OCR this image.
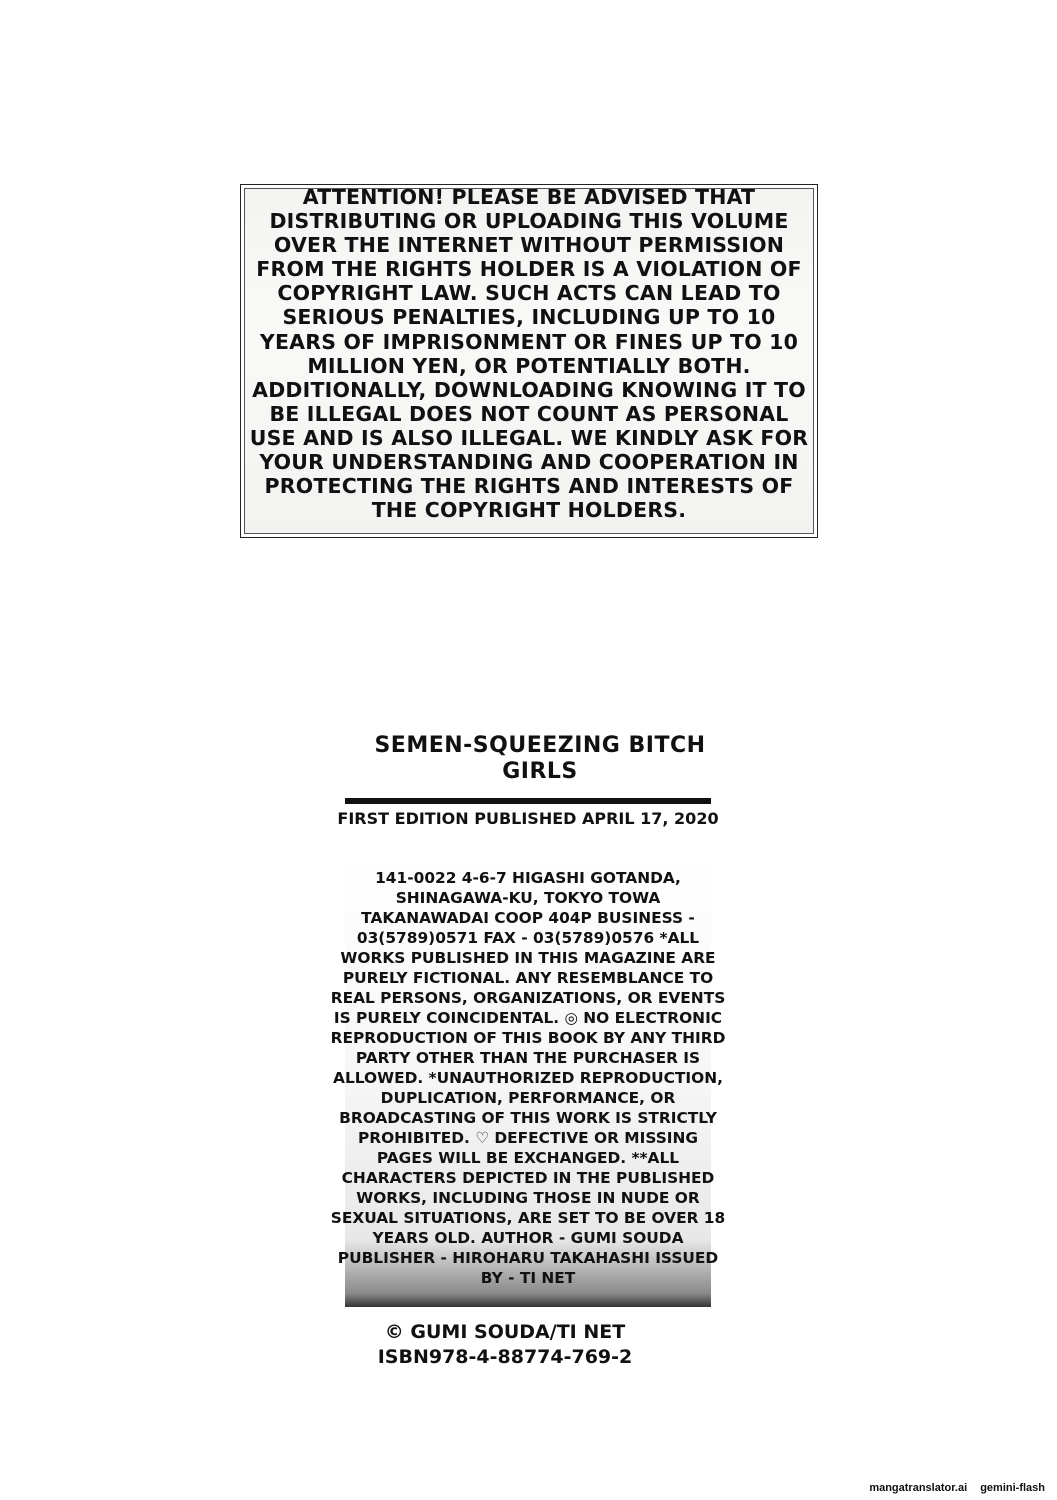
ATTENTION! PLEASE BE ADVISED THAT DISTRIBUTING OR UPLOADING THIS VOLUME OVER THE INTERNET WITHOUT PERMISSION FROM THE RIGHTS HOLDER IS A VIOLATION OF COPYRIGHT LAW. SUCH ACTS CAN LEAD TO SERIOUS PENALTIES, INCLUDING UP TO 10 YEARS OF IMPRISONMENT OR FINES UP TO 10 MILLION YEN, OR POTENTIALLY BOTH. ADDITIONALLY, DOWNLOADING KNOWING IT TO BE ILLEGAL DOES NOT COUNT AS PERSONAL USE AND IS ALSO ILLEGAL. WE KINDLY ASK FOR YOUR UNDERSTANDING AND COOPERATION IN PROTECTING THE RIGHTS AND INTERESTS OF THE COPYRIGHT HOLDERS.
SEMEN-SQUEEZING BITCH GIRLS
FIRST EDITION PUBLISHED APRIL 17, 2020
141-0022 4-6-7 HIGASHI GOTANDA, SHINAGAWA-KU, TOKYO TOWA TAKANAWADAI COOP 404P BUSINESS - 03(5789)0571 FAX - 03(5789)0576 *ALL WORKS PUBLISHED IN THIS MAGAZINE ARE PURELY FICTIONAL. ANY RESEMBLANCE TO REAL PERSONS, ORGANIZATIONS, OR EVENTS IS PURELY COINCIDENTAL. ◎ NO ELECTRONIC REPRODUCTION OF THIS BOOK BY ANY THIRD PARTY OTHER THAN THE PURCHASER IS ALLOWED. *UNAUTHORIZED REPRODUCTION, DUPLICATION, PERFORMANCE, OR BROADCASTING OF THIS WORK IS STRICTLY PROHIBITED. ♡ DEFECTIVE OR MISSING PAGES WILL BE EXCHANGED. **ALL CHARACTERS DEPICTED IN THE PUBLISHED WORKS, INCLUDING THOSE IN NUDE OR SEXUAL SITUATIONS, ARE SET TO BE OVER 18 YEARS OLD. AUTHOR - GUMI SOUDA PUBLISHER - HIROHARU TAKAHASHI ISSUED BY - TI NET
© GUMI SOUDA/TI NET
ISBN978-4-88774-769-2
mangatranslator.ai gemini-flash
